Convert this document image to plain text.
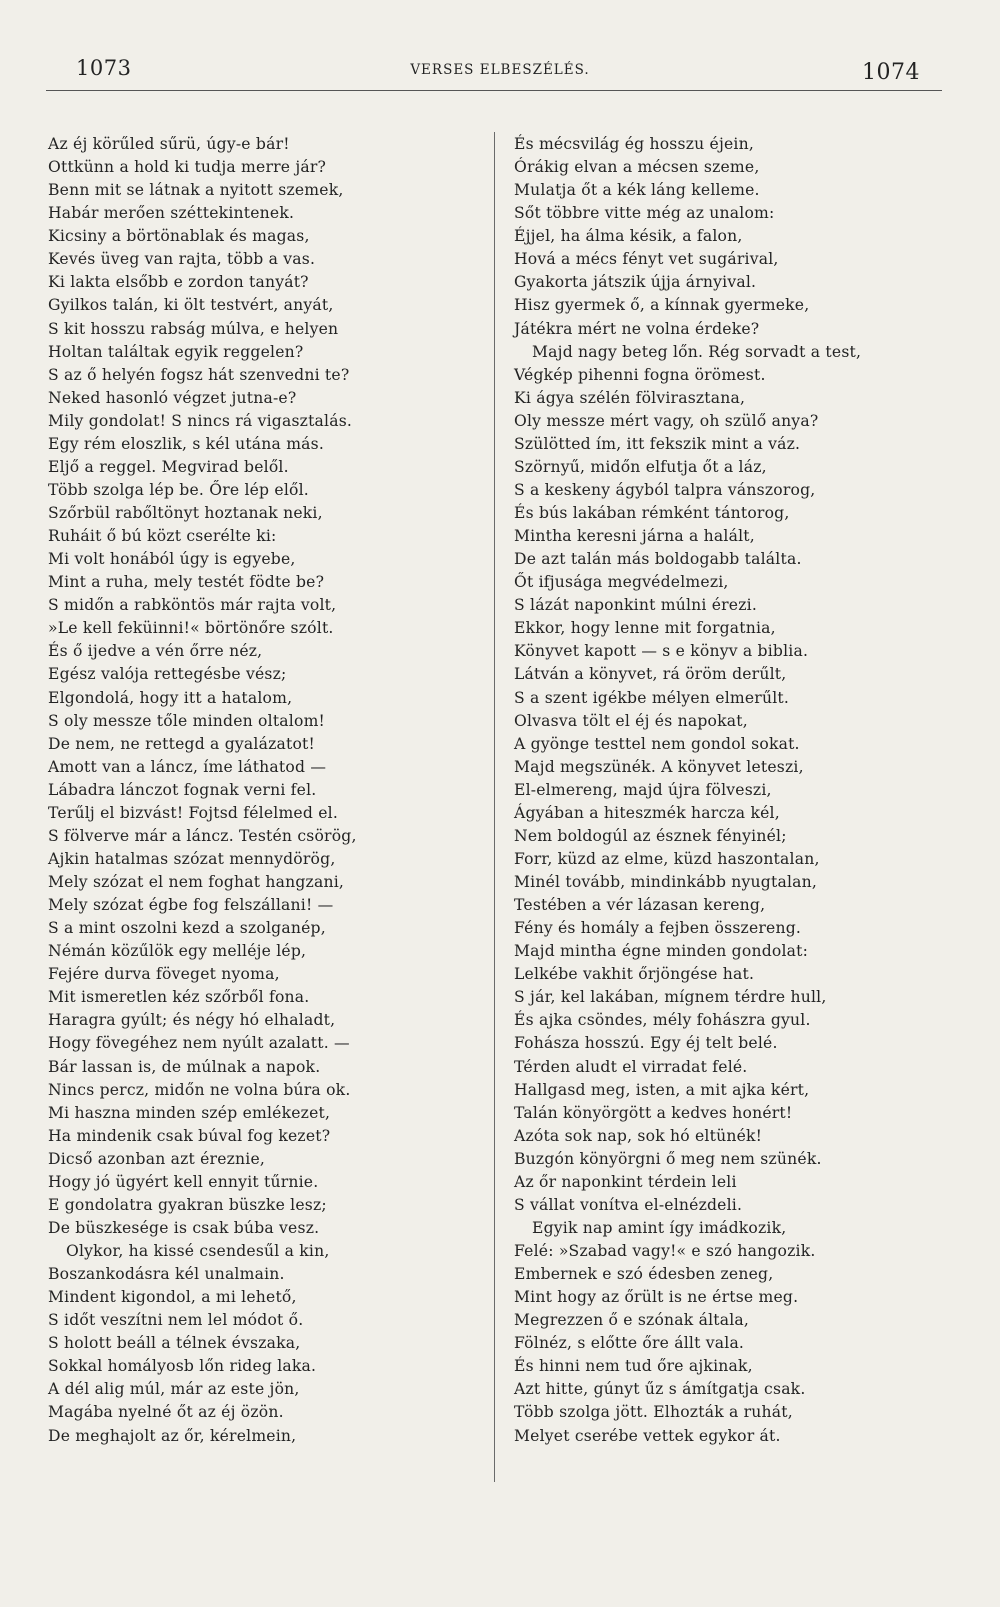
1073	VERSES ELBESZÉLÉS.	1074
Az éj körűled sűrü, úgy-e bár!
Ottkünn a hold ki tudja merre jár?
Benn mit se látnak a nyitott szemek,
Habár merően széttekintenek.
Kicsiny a börtönablak és magas,
Kevés üveg van rajta, több a vas.
Ki lakta elsőbb e zordon tanyát?
Gyilkos talán, ki ölt testvért, anyát,
S kit hosszu rabság múlva, e helyen
Holtan találtak egyik reggelen?
S az ő helyén fogsz hát szenvedni te?
Neked hasonló végzet jutna-e?
Mily gondolat! S nincs rá vigasztalás.
Egy rém eloszlik, s kél utána más.
Eljő a reggel. Megvirad belől.
Több szolga lép be. Őre lép elől.
Szőrbül rabőltönyt hoztanak neki,
Ruháit ő bú közt cserélte ki:
Mi volt honából úgy is egyebe,
Mint a ruha, mely testét födte be?
S midőn a rabköntös már rajta volt,
»Le kell feküinni!« börtönőre szólt.
És ő ijedve a vén őrre néz,
Egész valója rettegésbe vész;
Elgondolá, hogy itt a hatalom,
S oly messze tőle minden oltalom!
De nem, ne rettegd a gyalázatot!
Amott van a láncz, íme láthatod —
Lábadra lánczot fognak verni fel.
Terűlj el bizvást! Fojtsd félelmed el.
S fölverve már a láncz. Testén csörög,
Ajkin hatalmas szózat mennydörög,
Mely szózat el nem foghat hangzani,
Mely szózat égbe fog felszállani! —
S a mint oszolni kezd a szolganép,
Némán közűlök egy melléje lép,
Fejére durva föveget nyoma,
Mit ismeretlen kéz szőrből fona.
Haragra gyúlt; és négy hó elhaladt,
Hogy fövegéhez nem nyúlt azalatt. —
Bár lassan is, de múlnak a napok.
Nincs percz, midőn ne volna búra ok.
Mi haszna minden szép emlékezet,
Ha mindenik csak búval fog kezet?
Dicső azonban azt éreznie,
Hogy jó ügyért kell ennyit tűrnie.
E gondolatra gyakran büszke lesz;
De büszkesége is csak búba vesz.
Olykor, ha kissé csendesűl a kin,
Boszankodásra kél unalmain.
Mindent kigondol, a mi lehető,
S időt veszítni nem lel módot ő.
S holott beáll a télnek évszaka,
Sokkal homályosb lőn rideg laka.
A dél alig múl, már az este jön,
Magába nyelné őt az éj özön.
De meghajolt az őr, kérelmein,
És mécsvilág ég hosszu éjein,
Órákig elvan a mécsen szeme,
Mulatja őt a kék láng kelleme.
Sőt többre vitte még az unalom:
Éjjel, ha álma késik, a falon,
Hová a mécs fényt vet sugárival,
Gyakorta játszik újja árnyival.
Hisz gyermek ő, a kínnak gyermeke,
Játékra mért ne volna érdeke?
Majd nagy beteg lőn. Rég sorvadt a test,
Végkép pihenni fogna örömest.
Ki ágya szélén fölvirasztana,
Oly messze mért vagy, oh szülő anya?
Szülötted ím, itt fekszik mint a váz.
Szörnyű, midőn elfutja őt a láz,
S a keskeny ágyból talpra vánszorog,
És bús lakában rémként tántorog,
Mintha keresni járna a halált,
De azt talán más boldogabb találta.
Őt ifjusága megvédelmezi,
S lázát naponkint múlni érezi.
Ekkor, hogy lenne mit forgatnia,
Könyvet kapott — s e könyv a biblia.
Látván a könyvet, rá öröm derűlt,
S a szent igékbe mélyen elmerűlt.
Olvasva tölt el éj és napokat,
A gyönge testtel nem gondol sokat.
Majd megszünék. A könyvet leteszi,
El-elmereng, majd újra fölveszi,
Ágyában a hiteszmék harcza kél,
Nem boldogúl az észnek fényinél;
Forr, küzd az elme, küzd haszontalan,
Minél tovább, mindinkább nyugtalan,
Testében a vér lázasan kereng,
Fény és homály a fejben összereng.
Majd mintha égne minden gondolat:
Lelkébe vakhit őrjöngése hat.
S jár, kel lakában, mígnem térdre hull,
És ajka csöndes, mély fohászra gyul.
Fohásza hosszú. Egy éj telt belé.
Térden aludt el virradat felé.
Hallgasd meg, isten, a mit ajka kért,
Talán könyörgött a kedves honért!
Azóta sok nap, sok hó eltünék!
Buzgón könyörgni ő meg nem szünék.
Az őr naponkint térdein leli
S vállat vonítva el-elnézdeli.
Egyik nap amint így imádkozik,
Felé: »Szabad vagy!« e szó hangozik.
Embernek e szó édesben zeneg,
Mint hogy az őrült is ne értse meg.
Megrezzen ő e szónak általa,
Fölnéz, s előtte őre állt vala.
És hinni nem tud őre ajkinak,
Azt hitte, gúnyt űz s ámítgatja csak.
Több szolga jött. Elhozták a ruhát,
Melyet cserébe vettek egykor át.
